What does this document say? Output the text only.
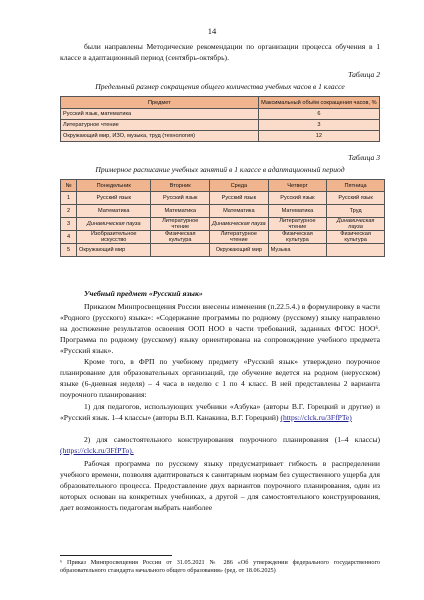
14
были направлены Методические рекомендации по организации процесса обучения в 1 классе в адаптационный период (сентябрь-октябрь).
Таблица 2
Предельный размер сокращения общего количества учебных часов в 1 классе
Предмет	Максимальный объём сокращения часов, %
Русский язык, математика	6
Литературное чтение	3
Окружающий мир, ИЗО, музыка, труд (технология)	12
Таблица 3
Примерное расписание учебных занятий в 1 классе в адаптационный период
№	Понедельник	Вторник	Среда	Четверг	Пятница
1	Русский язык	Русский язык	Русский язык	Русский язык	Русский язык
2	Математика	Математика	Математика	Математика	Труд
3	Динамическая пауза	Литературное чтение	Динамическая пауза	Литературное чтение	Динамическая пауза
4	Изобразительное искусство	Физическая культура	Литературное чтение	Физическая культура	Физическая культура
5	Окружающий мир		Окружающий мир	Музыка	
Учебный предмет «Русский язык»
Приказом Минпросвещения России внесены изменения (п.22.5.4.) в формулировку в части «Родного (русского) языка»: «Содержание программы по родному (русскому) языку направлено на достижение результатов освоения ООП НОО в части требований, заданных ФГОС НОО⁶. Программа по родному (русскому) языку ориентирована на сопровождение учебного предмета «Русский язык».
Кроме того, в ФРП по учебному предмету «Русский язык» утверждено поурочное планирование для образовательных организаций, где обучение ведется на родном (нерусском) языке (6-дневная неделя) – 4 часа в неделю с 1 по 4 класс. В ней представлены 2 варианта поурочного планирования:
1) для педагогов, использующих учебники «Азбука» (авторы В.Г. Горецкий и другие) и «Русский язык. 1–4 классы» (авторы В.П. Канакина, В.Г. Горецкий) (https://clck.ru/3FfPTe)
2) для самостоятельного конструирования поурочного планирования (1–4 классы) (https://clck.ru/3FfPTo).
Рабочая программа по русскому языку предусматривает гибкость в распределении учебного времени, позволяя адаптироваться к санитарным нормам без существенного ущерба для образовательного процесса. Предоставление двух вариантов поурочного планирования, один из которых основан на конкретных учебниках, а другой – для самостоятельного конструирования, дает возможность педагогам выбрать наиболее
⁶ Приказ Минпросвещения России от 31.05.2021 № 286 «Об утверждении федерального государственного образовательного стандарта начального общего образования» (ред. от 18.06.2025)
